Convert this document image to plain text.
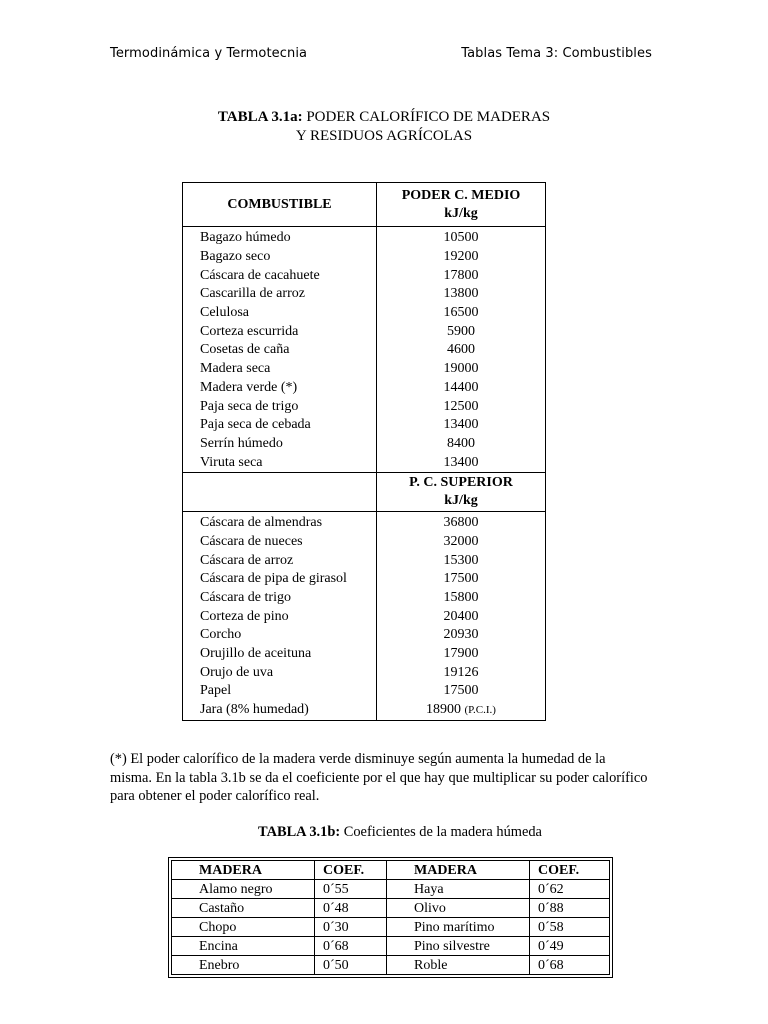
Termodinámica y Termotecnia	Tablas Tema 3: Combustibles
TABLA 3.1a: PODER CALORÍFICO DE MADERAS
Y RESIDUOS AGRÍCOLAS
COMBUSTIBLE	PODER C. MEDIO
kJ/kg
Bagazo húmedo	10500
Bagazo seco	19200
Cáscara de cacahuete	17800
Cascarilla de arroz	13800
Celulosa	16500
Corteza escurrida	5900
Cosetas de caña	4600
Madera seca	19000
Madera verde (*)	14400
Paja seca de trigo	12500
Paja seca de cebada	13400
Serrín húmedo	8400
Viruta seca	13400
	P. C. SUPERIOR
kJ/kg
Cáscara de almendras	36800
Cáscara de nueces	32000
Cáscara de arroz	15300
Cáscara de pipa de girasol	17500
Cáscara de trigo	15800
Corteza de pino	20400
Corcho	20930
Orujillo de aceituna	17900
Orujo de uva	19126
Papel	17500
Jara (8% humedad)	18900 (P.C.I.)
(*) El poder calorífico de la madera verde disminuye según aumenta la humedad de la misma. En la tabla 3.1b se da el coeficiente por el que hay que multiplicar su poder calorífico para obtener el poder calorífico real.
TABLA 3.1b: Coeficientes de la madera húmeda
MADERA	COEF.	MADERA	COEF.
Alamo negro	0´55	Haya	0´62
Castaño	0´48	Olivo	0´88
Chopo	0´30	Pino marítimo	0´58
Encina	0´68	Pino silvestre	0´49
Enebro	0´50	Roble	0´68
